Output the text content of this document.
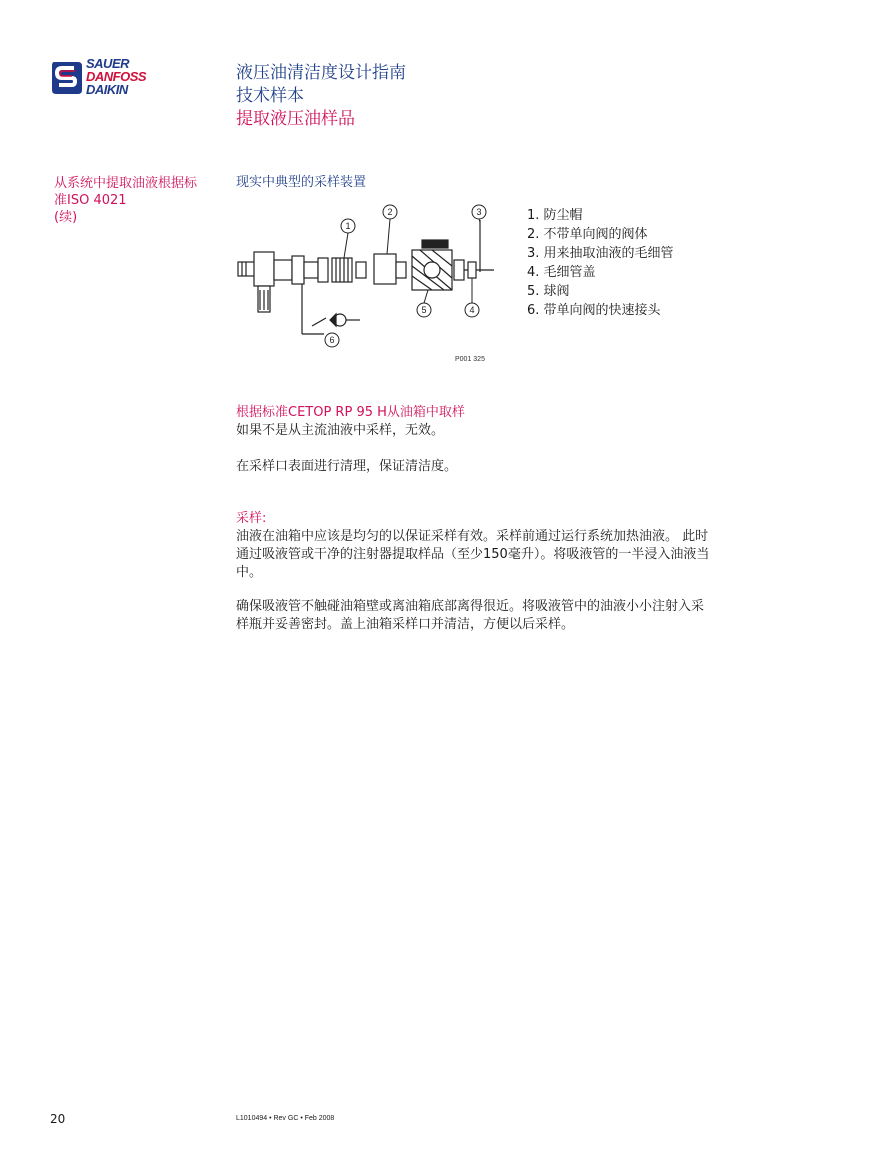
SAUER
DANFOSS
DAIKIN
液压油清洁度设计指南
技术样本
提取液压油样品
从系统中提取油液根据标
准ISO 4021
(续)
现实中典型的采样装置
1
2	3
4
5
6
P001 325
1. 防尘帽
2. 不带单向阀的阀体
3. 用来抽取油液的毛细管
4. 毛细管盖
5. 球阀
6. 带单向阀的快速接头
根据标准CETOP RP 95 H从油箱中取样
如果不是从主流油液中采样，无效。
在采样口表面进行清理，保证清洁度。
采样:
油液在油箱中应该是均匀的以保证采样有效。采样前通过运行系统加热油液。 此时
通过吸液管或干净的注射器提取样品（至少150毫升）。将吸液管的一半浸入油液当
中。
确保吸液管不触碰油箱壁或离油箱底部离得很近。将吸液管中的油液小小注射入采
样瓶并妥善密封。盖上油箱采样口并清洁，方便以后采样。
20	L1010494 • Rev GC • Feb 2008
